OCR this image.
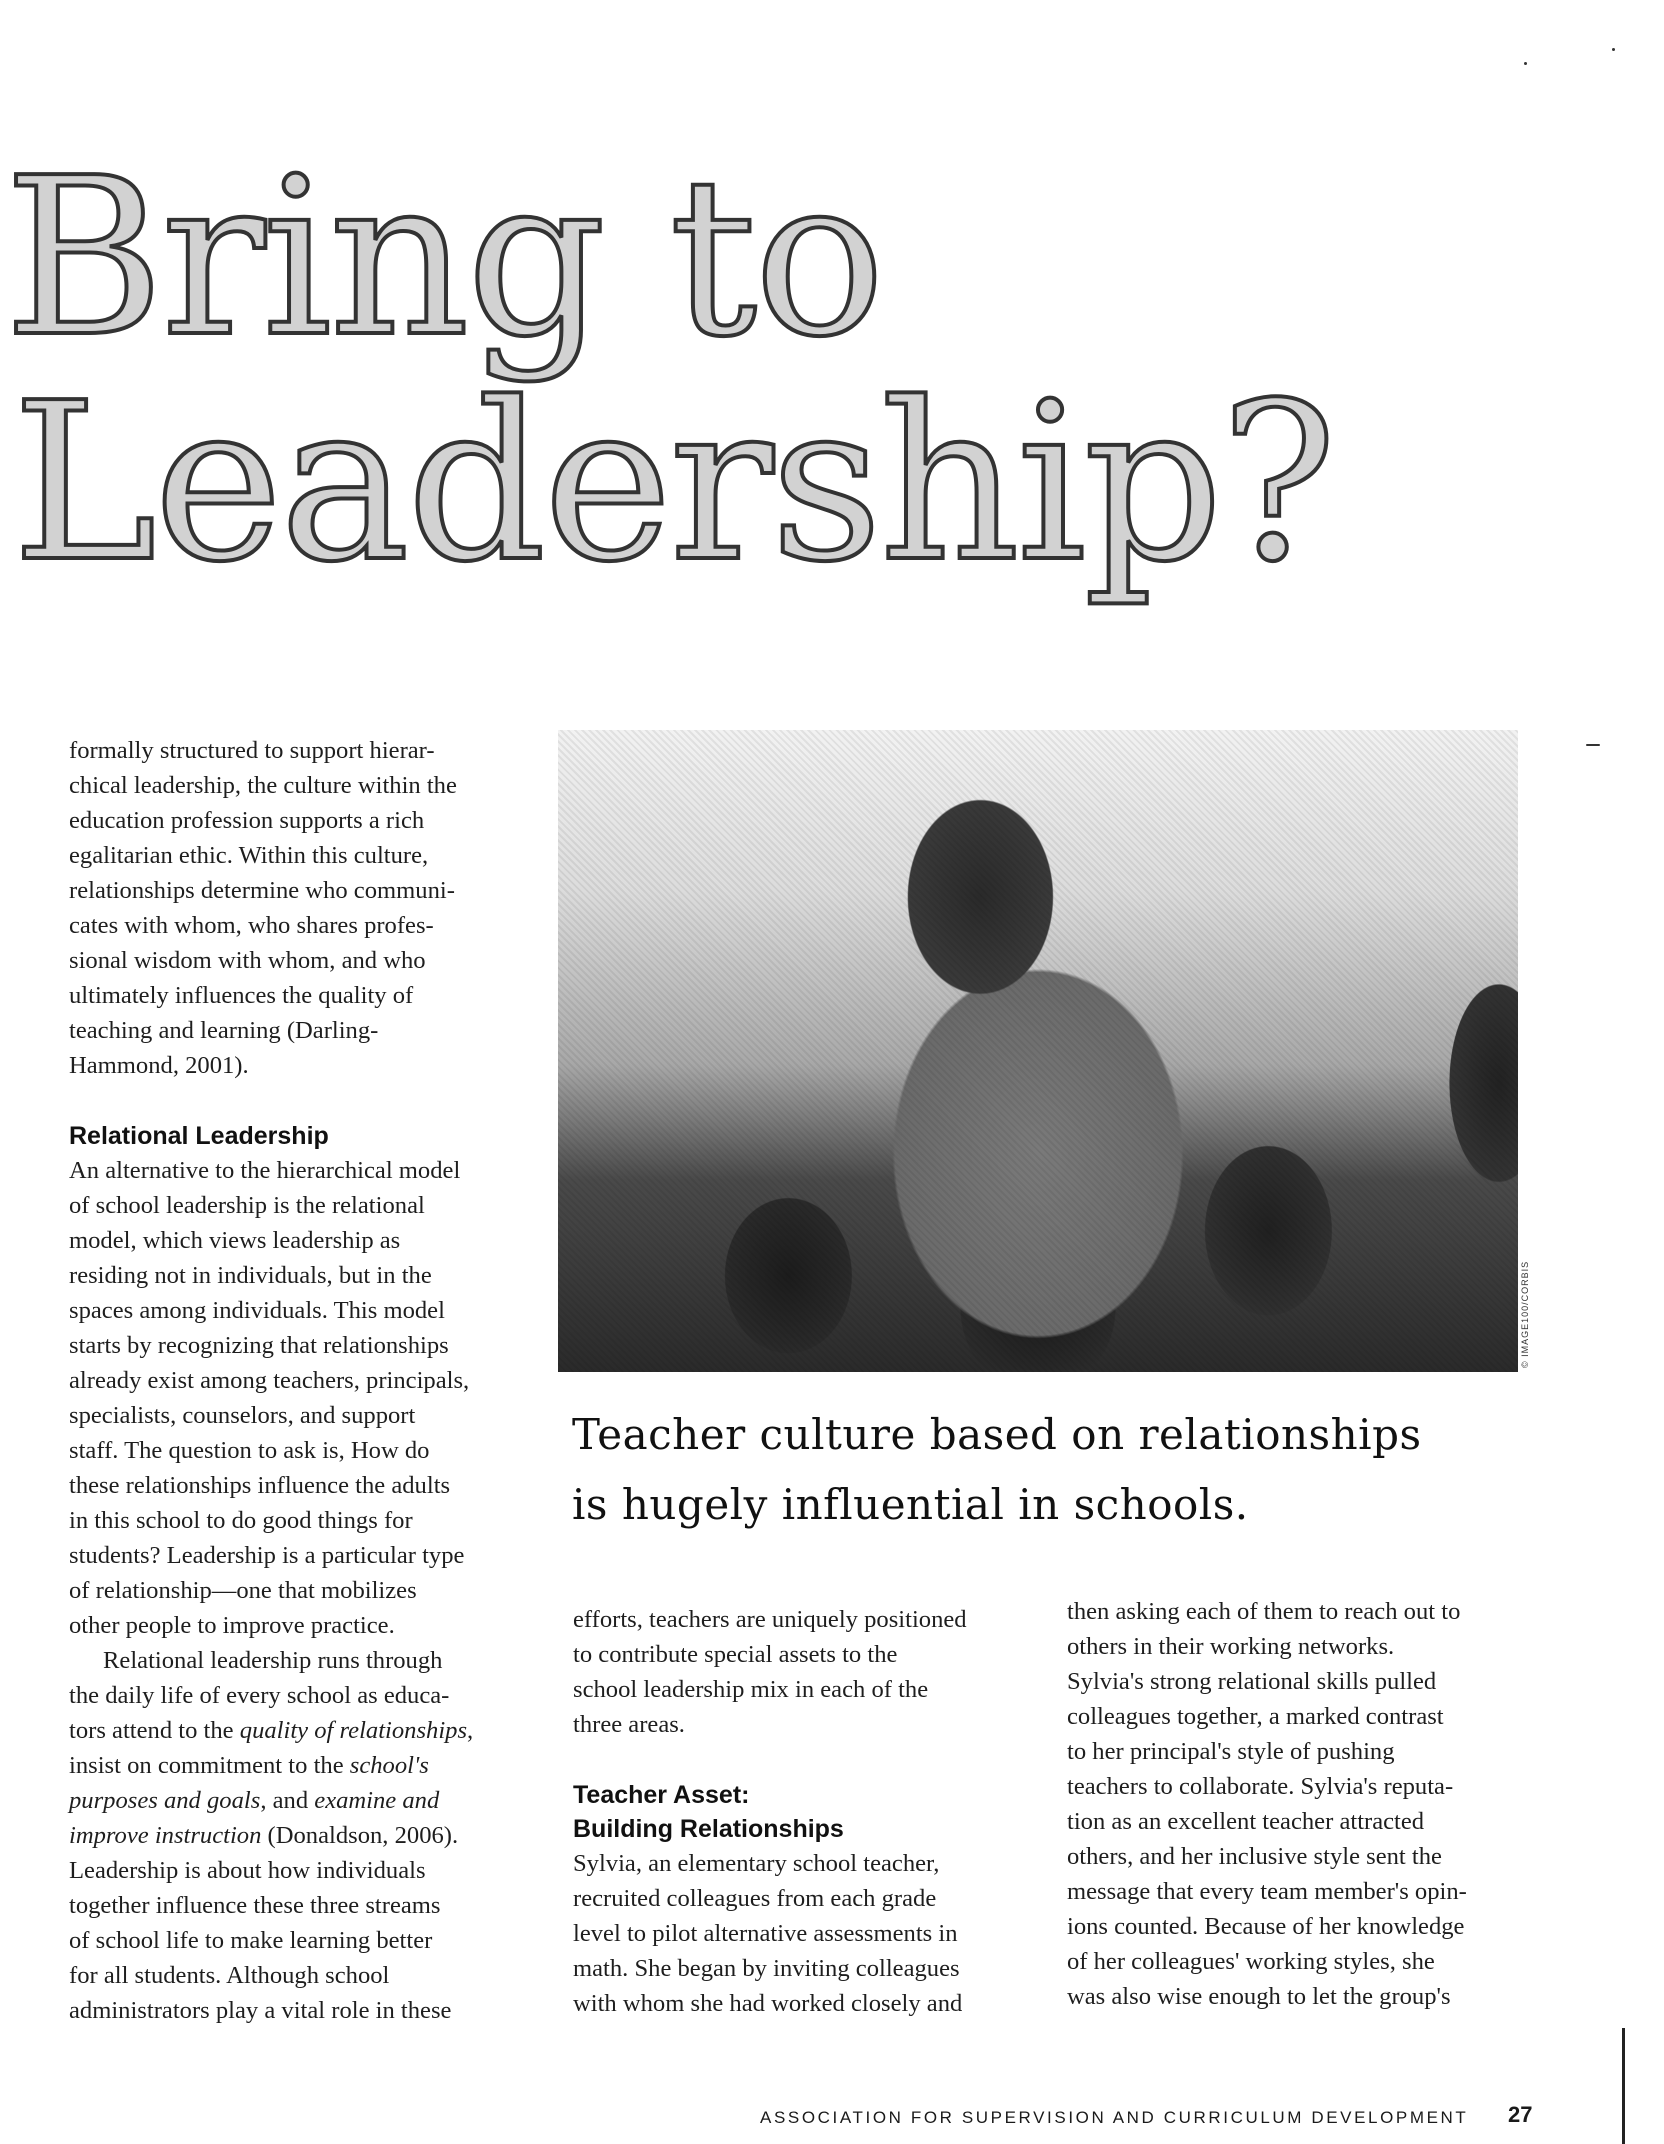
Bring to
Leadership?

formally structured to support hierar-
chical leadership, the culture within the
education profession supports a rich
egalitarian ethic. Within this culture,
relationships determine who communi-
cates with whom, who shares profes-
sional wisdom with whom, and who
ultimately influences the quality of
teaching and learning (Darling-
Hammond, 2001).

Relational Leadership

An alternative to the hierarchical model
of school leadership is the relational
model, which views leadership as
residing not in individuals, but in the
spaces among individuals. This model
starts by recognizing that relationships
already exist among teachers, principals,
specialists, counselors, and support
staff. The question to ask is, How do
these relationships influence the adults
in this school to do good things for
students? Leadership is a particular type
of relationship—one that mobilizes
other people to improve practice.

Relational leadership runs through
the daily life of every school as educa-
tors attend to the quality of relationships,
insist on commitment to the school's
purposes and goals, and examine and
improve instruction (Donaldson, 2006).
Leadership is about how individuals
together influence these three streams
of school life to make learning better
for all students. Although school
administrators play a vital role in these

© IMAGE100/CORBIS

Teacher culture based on relationships
is hugely influential in schools.

efforts, teachers are uniquely positioned
to contribute special assets to the
school leadership mix in each of the
three areas.

Teacher Asset:
Building Relationships

Sylvia, an elementary school teacher,
recruited colleagues from each grade
level to pilot alternative assessments in
math. She began by inviting colleagues
with whom she had worked closely and

then asking each of them to reach out to
others in their working networks.
Sylvia's strong relational skills pulled
colleagues together, a marked contrast
to her principal's style of pushing
teachers to collaborate. Sylvia's reputa-
tion as an excellent teacher attracted
others, and her inclusive style sent the
message that every team member's opin-
ions counted. Because of her knowledge
of her colleagues' working styles, she
was also wise enough to let the group's

ASSOCIATION FOR SUPERVISION AND CURRICULUM DEVELOPMENT 27
